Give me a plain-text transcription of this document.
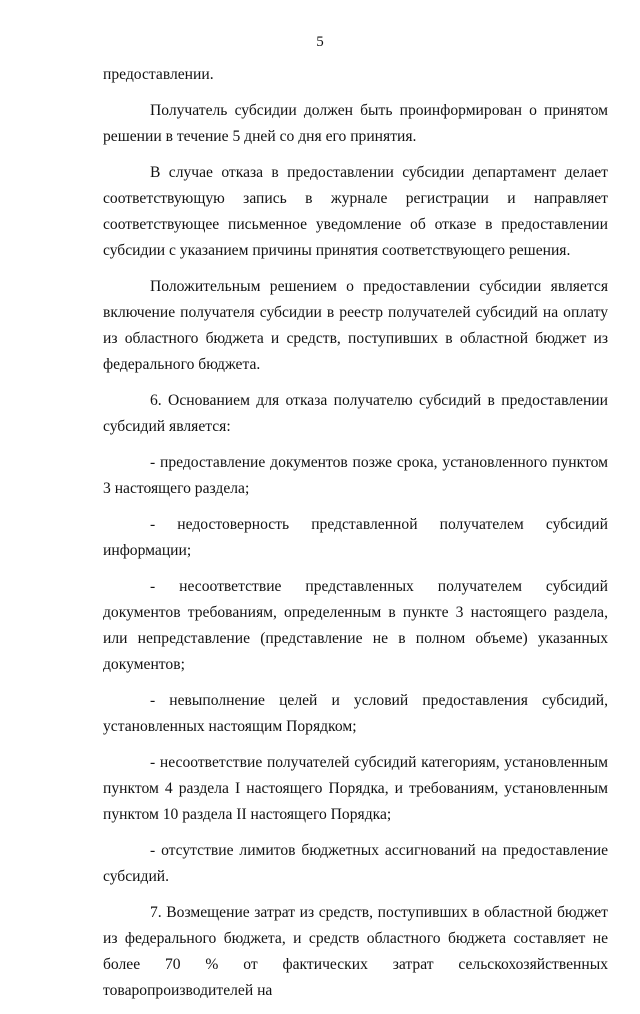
5

предоставлении.

Получатель субсидии должен быть проинформирован о принятом решении в течение 5 дней со дня его принятия.

В случае отказа в предоставлении субсидии департамент делает соответствующую запись в журнале регистрации и направляет соответствующее письменное уведомление об отказе в предоставлении субсидии с указанием причины принятия соответствующего решения.

Положительным решением о предоставлении субсидии является включение получателя субсидии в реестр получателей субсидий на оплату из областного бюджета и средств, поступивших в областной бюджет из федерального бюджета.

6. Основанием для отказа получателю субсидий в предоставлении субсидий является:

- предоставление документов позже срока, установленного пунктом 3 настоящего раздела;

- недостоверность представленной получателем субсидий информации;

- несоответствие представленных получателем субсидий документов требованиям, определенным в пункте 3 настоящего раздела, или непредставление (представление не в полном объеме) указанных документов;

- невыполнение целей и условий предоставления субсидий, установленных настоящим Порядком;

- несоответствие получателей субсидий категориям, установленным пунктом 4 раздела I настоящего Порядка, и требованиям, установленным пунктом 10 раздела II настоящего Порядка;

- отсутствие лимитов бюджетных ассигнований на предоставление субсидий.

7. Возмещение затрат из средств, поступивших в областной бюджет из федерального бюджета, и средств областного бюджета составляет не более 70 % от фактических затрат сельскохозяйственных товаропроизводителей на
